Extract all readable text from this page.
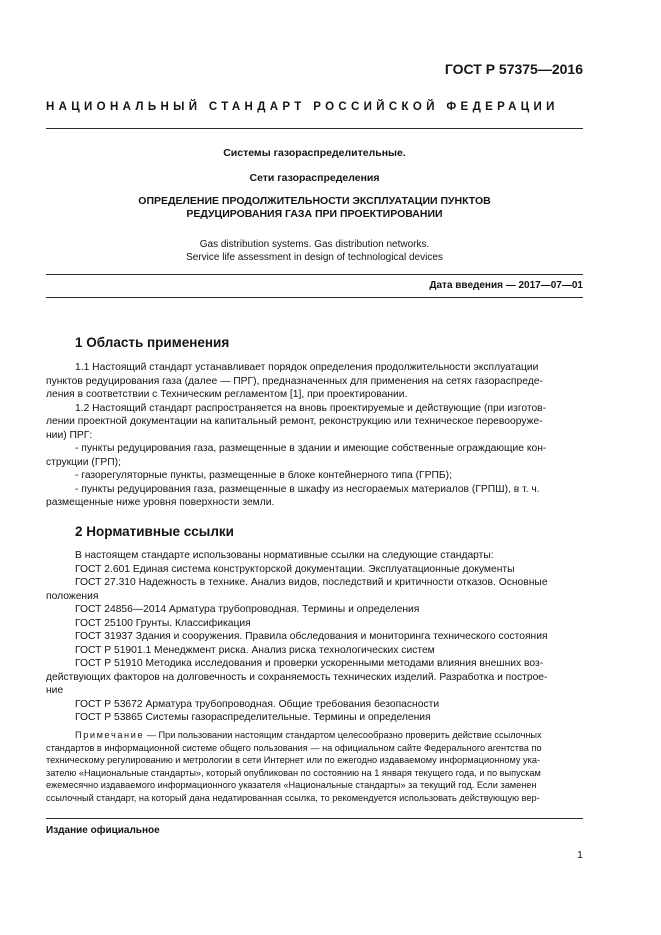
ГОСТ Р 57375—2016
НАЦИОНАЛЬНЫЙ СТАНДАРТ РОССИЙСКОЙ ФЕДЕРАЦИИ
Системы газораспределительные.
Сети газораспределения
ОПРЕДЕЛЕНИЕ ПРОДОЛЖИТЕЛЬНОСТИ ЭКСПЛУАТАЦИИ ПУНКТОВ
РЕДУЦИРОВАНИЯ ГАЗА ПРИ ПРОЕКТИРОВАНИИ
Gas distribution systems. Gas distribution networks.
Service life assessment in design of technological devices
Дата введения — 2017—07—01
1 Область применения
1.1 Настоящий стандарт устанавливает порядок определения продолжительности эксплуатации
пунктов редуцирования газа (далее — ПРГ), предназначенных для применения на сетях газораспреде-
ления в соответствии с Техническим регламентом [1], при проектировании.
1.2 Настоящий стандарт распространяется на вновь проектируемые и действующие (при изготов-
лении проектной документации на капитальный ремонт, реконструкцию или техническое перевооруже-
нии) ПРГ:
- пункты редуцирования газа, размещенные в здании и имеющие собственные ограждающие кон-
струкции (ГРП);
- газорегуляторные пункты, размещенные в блоке контейнерного типа (ГРПБ);
- пункты редуцирования газа, размещенные в шкафу из несгораемых материалов (ГРПШ), в т. ч.
размещенные ниже уровня поверхности земли.
2 Нормативные ссылки
В настоящем стандарте использованы нормативные ссылки на следующие стандарты:
ГОСТ 2.601 Единая система конструкторской документации. Эксплуатационные документы
ГОСТ 27.310 Надежность в технике. Анализ видов, последствий и критичности отказов. Основные
положения
ГОСТ 24856—2014 Арматура трубопроводная. Термины и определения
ГОСТ 25100 Грунты. Классификация
ГОСТ 31937 Здания и сооружения. Правила обследования и мониторинга технического состояния
ГОСТ Р 51901.1 Менеджмент риска. Анализ риска технологических систем
ГОСТ Р 51910 Методика исследования и проверки ускоренными методами влияния внешних воз-
действующих факторов на долговечность и сохраняемость технических изделий. Разработка и построе-
ние
ГОСТ Р 53672 Арматура трубопроводная. Общие требования безопасности
ГОСТ Р 53865 Системы газораспределительные. Термины и определения
Примечание — При пользовании настоящим стандартом целесообразно проверить действие ссылочных
стандартов в информационной системе общего пользования — на официальном сайте Федерального агентства по
техническому регулированию и метрологии в сети Интернет или по ежегодно издаваемому информационному ука-
зателю «Национальные стандарты», который опубликован по состоянию на 1 января текущего года, и по выпускам
ежемесячно издаваемого информационного указателя «Национальные стандарты» за текущий год. Если заменен
ссылочный стандарт, на который дана недатированная ссылка, то рекомендуется использовать действующую вер-
Издание официальное
1
